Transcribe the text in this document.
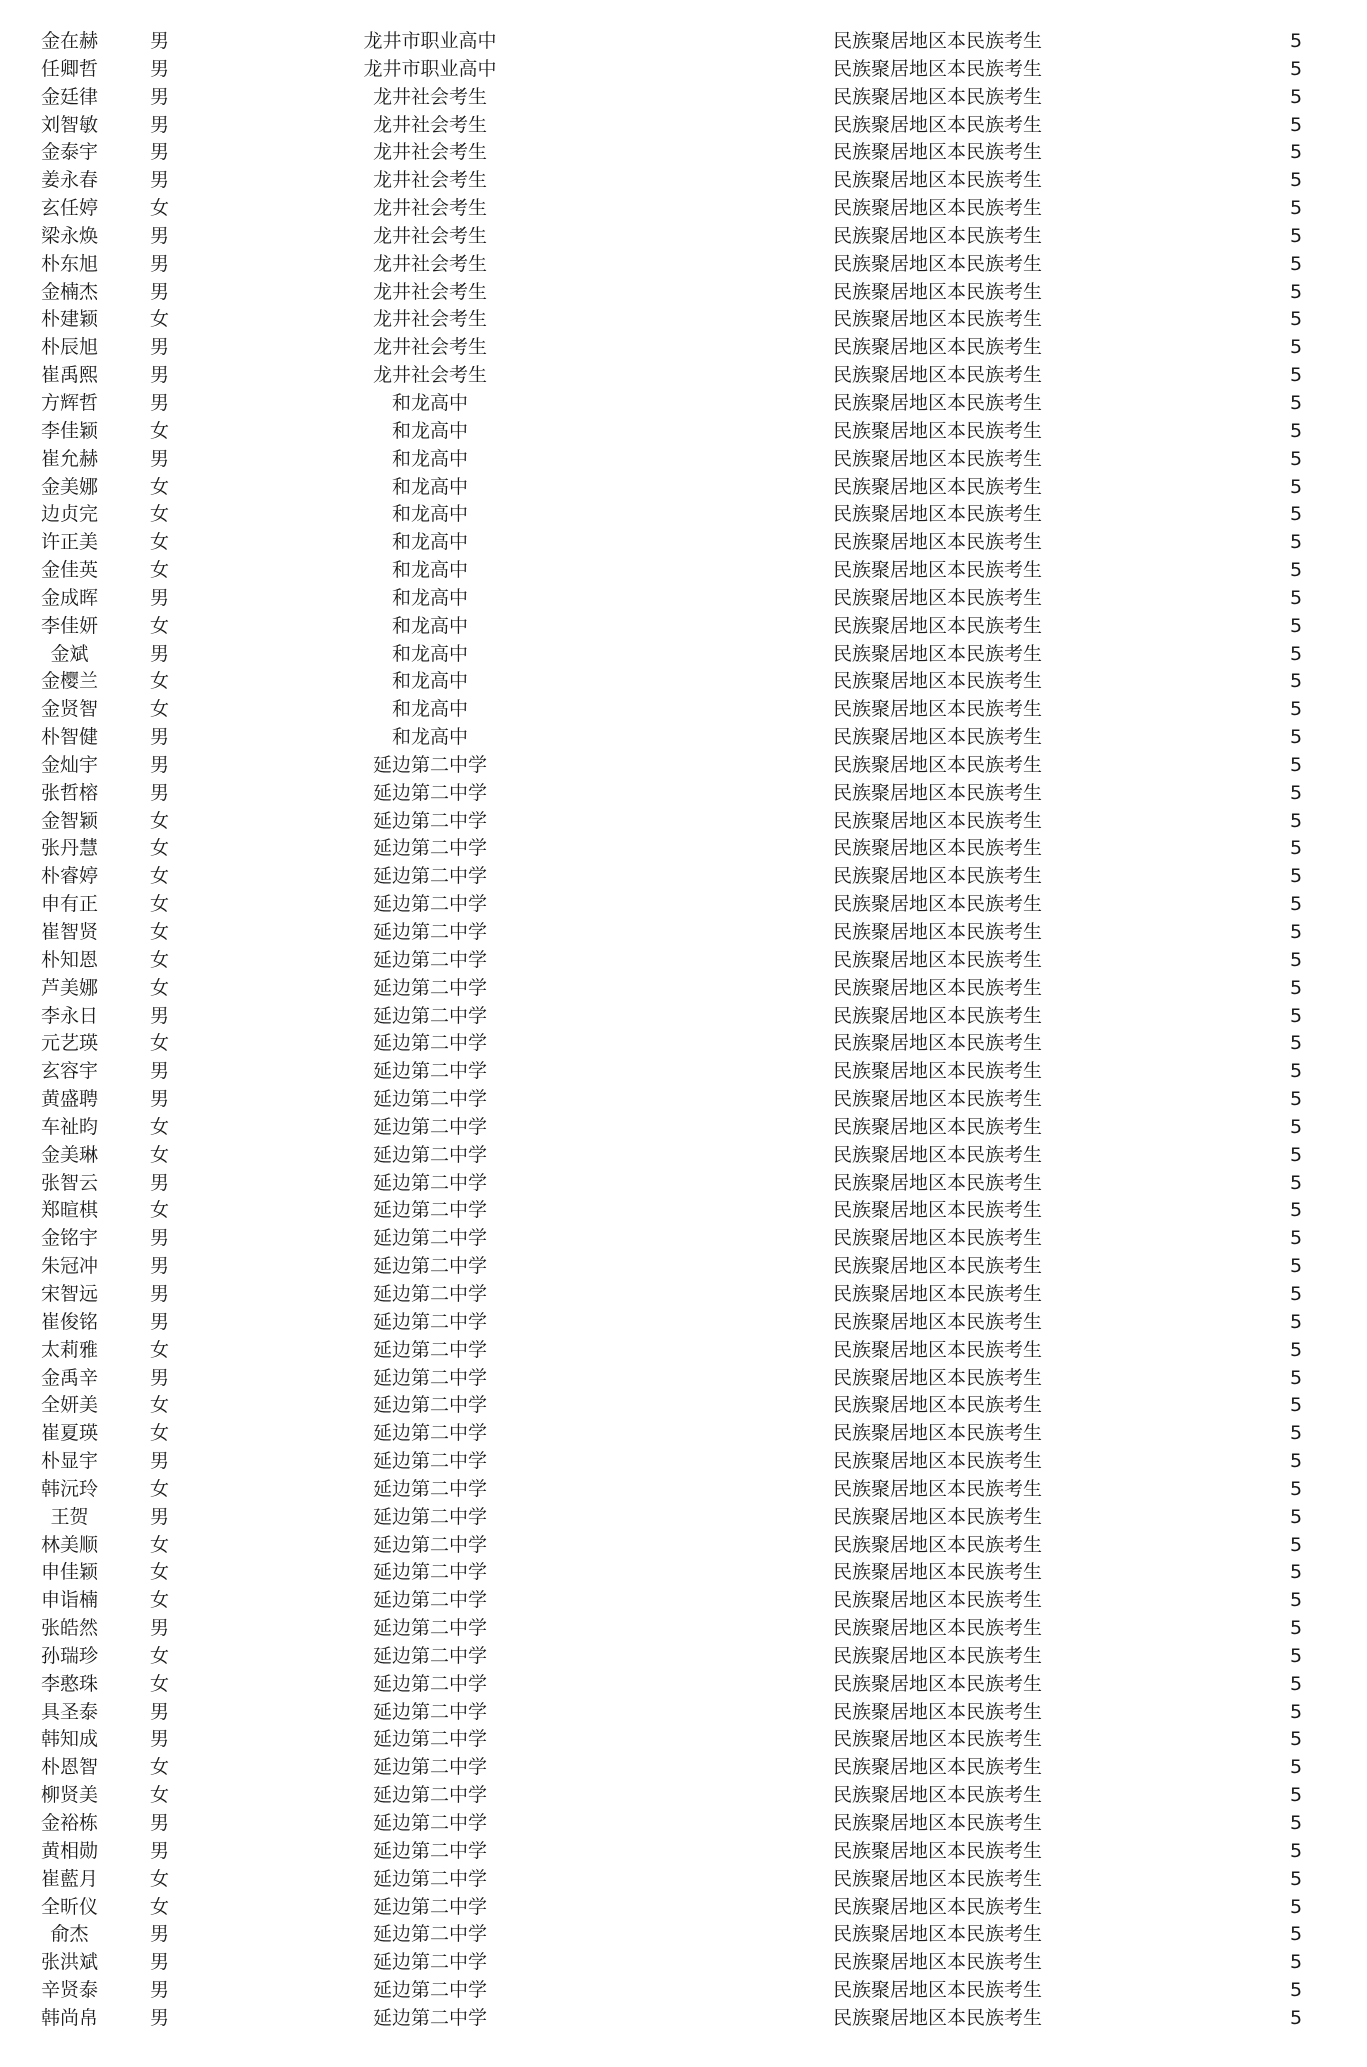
金在赫	男	龙井市职业高中	民族聚居地区本民族考生	5
任卿哲	男	龙井市职业高中	民族聚居地区本民族考生	5
金廷律	男	龙井社会考生	民族聚居地区本民族考生	5
刘智敏	男	龙井社会考生	民族聚居地区本民族考生	5
金泰宇	男	龙井社会考生	民族聚居地区本民族考生	5
姜永春	男	龙井社会考生	民族聚居地区本民族考生	5
玄任婷	女	龙井社会考生	民族聚居地区本民族考生	5
梁永焕	男	龙井社会考生	民族聚居地区本民族考生	5
朴东旭	男	龙井社会考生	民族聚居地区本民族考生	5
金楠杰	男	龙井社会考生	民族聚居地区本民族考生	5
朴建颖	女	龙井社会考生	民族聚居地区本民族考生	5
朴辰旭	男	龙井社会考生	民族聚居地区本民族考生	5
崔禹熙	男	龙井社会考生	民族聚居地区本民族考生	5
方辉哲	男	和龙高中	民族聚居地区本民族考生	5
李佳颖	女	和龙高中	民族聚居地区本民族考生	5
崔允赫	男	和龙高中	民族聚居地区本民族考生	5
金美娜	女	和龙高中	民族聚居地区本民族考生	5
边贞完	女	和龙高中	民族聚居地区本民族考生	5
许正美	女	和龙高中	民族聚居地区本民族考生	5
金佳英	女	和龙高中	民族聚居地区本民族考生	5
金成晖	男	和龙高中	民族聚居地区本民族考生	5
李佳妍	女	和龙高中	民族聚居地区本民族考生	5
金斌	男	和龙高中	民族聚居地区本民族考生	5
金樱兰	女	和龙高中	民族聚居地区本民族考生	5
金贤智	女	和龙高中	民族聚居地区本民族考生	5
朴智健	男	和龙高中	民族聚居地区本民族考生	5
金灿宇	男	延边第二中学	民族聚居地区本民族考生	5
张哲榕	男	延边第二中学	民族聚居地区本民族考生	5
金智颖	女	延边第二中学	民族聚居地区本民族考生	5
张丹慧	女	延边第二中学	民族聚居地区本民族考生	5
朴睿婷	女	延边第二中学	民族聚居地区本民族考生	5
申有正	女	延边第二中学	民族聚居地区本民族考生	5
崔智贤	女	延边第二中学	民族聚居地区本民族考生	5
朴知恩	女	延边第二中学	民族聚居地区本民族考生	5
芦美娜	女	延边第二中学	民族聚居地区本民族考生	5
李永日	男	延边第二中学	民族聚居地区本民族考生	5
元艺瑛	女	延边第二中学	民族聚居地区本民族考生	5
玄容宇	男	延边第二中学	民族聚居地区本民族考生	5
黄盛聘	男	延边第二中学	民族聚居地区本民族考生	5
车祉昀	女	延边第二中学	民族聚居地区本民族考生	5
金美琳	女	延边第二中学	民族聚居地区本民族考生	5
张智云	男	延边第二中学	民族聚居地区本民族考生	5
郑暄棋	女	延边第二中学	民族聚居地区本民族考生	5
金铭宇	男	延边第二中学	民族聚居地区本民族考生	5
朱冠冲	男	延边第二中学	民族聚居地区本民族考生	5
宋智远	男	延边第二中学	民族聚居地区本民族考生	5
崔俊铭	男	延边第二中学	民族聚居地区本民族考生	5
太莉雅	女	延边第二中学	民族聚居地区本民族考生	5
金禹辛	男	延边第二中学	民族聚居地区本民族考生	5
全妍美	女	延边第二中学	民族聚居地区本民族考生	5
崔夏瑛	女	延边第二中学	民族聚居地区本民族考生	5
朴显宇	男	延边第二中学	民族聚居地区本民族考生	5
韩沅玲	女	延边第二中学	民族聚居地区本民族考生	5
王贺	男	延边第二中学	民族聚居地区本民族考生	5
林美顺	女	延边第二中学	民族聚居地区本民族考生	5
申佳颖	女	延边第二中学	民族聚居地区本民族考生	5
申诣楠	女	延边第二中学	民族聚居地区本民族考生	5
张皓然	男	延边第二中学	民族聚居地区本民族考生	5
孙瑞珍	女	延边第二中学	民族聚居地区本民族考生	5
李憨珠	女	延边第二中学	民族聚居地区本民族考生	5
具圣泰	男	延边第二中学	民族聚居地区本民族考生	5
韩知成	男	延边第二中学	民族聚居地区本民族考生	5
朴恩智	女	延边第二中学	民族聚居地区本民族考生	5
柳贤美	女	延边第二中学	民族聚居地区本民族考生	5
金裕栋	男	延边第二中学	民族聚居地区本民族考生	5
黄相勋	男	延边第二中学	民族聚居地区本民族考生	5
崔藍月	女	延边第二中学	民族聚居地区本民族考生	5
全昕仪	女	延边第二中学	民族聚居地区本民族考生	5
俞杰	男	延边第二中学	民族聚居地区本民族考生	5
张洪斌	男	延边第二中学	民族聚居地区本民族考生	5
辛贤泰	男	延边第二中学	民族聚居地区本民族考生	5
韩尚帛	男	延边第二中学	民族聚居地区本民族考生	5
